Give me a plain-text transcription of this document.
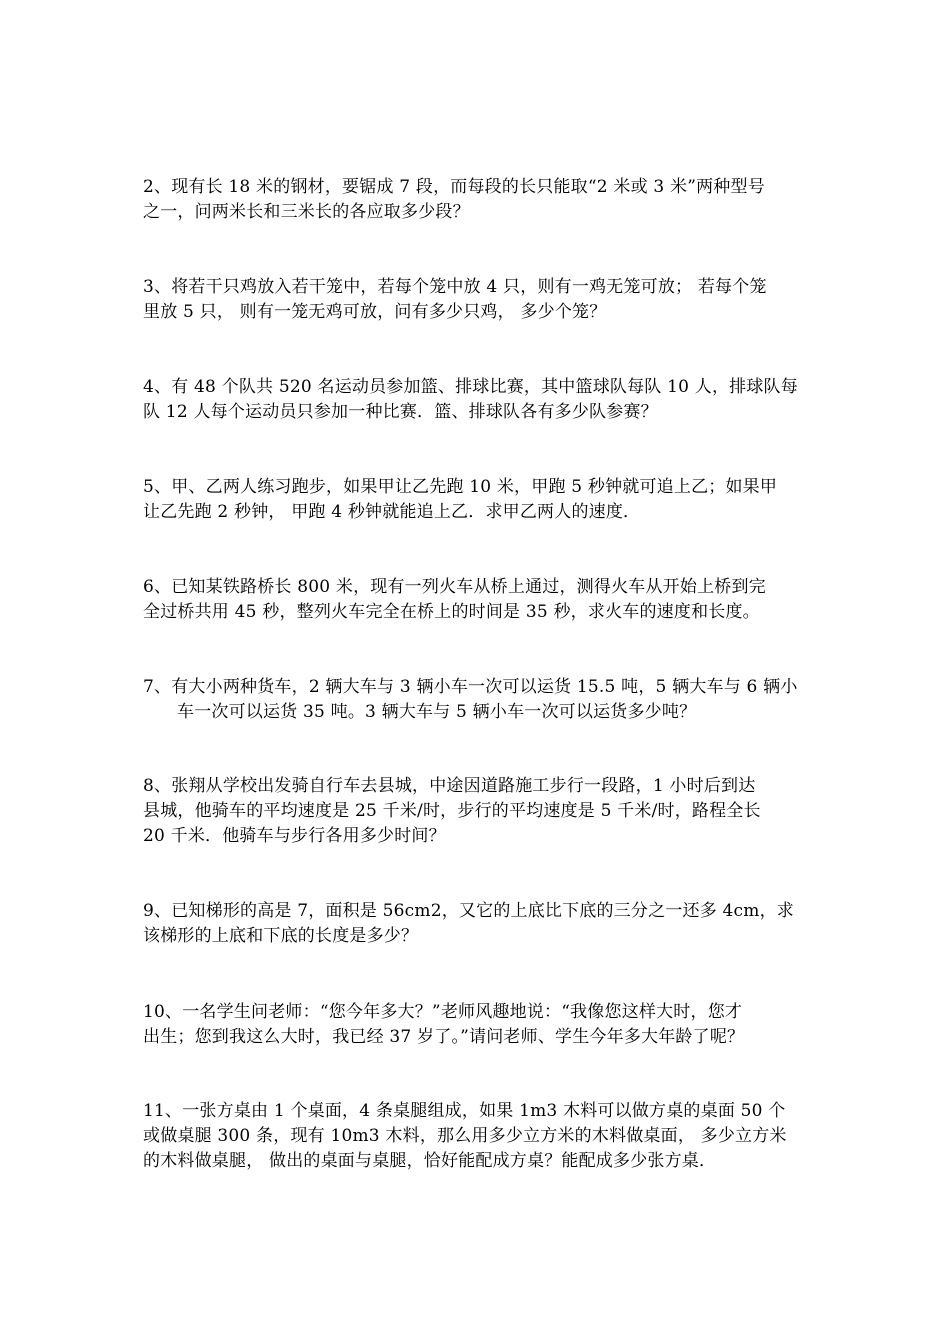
2、现有长 18 米的钢材，要锯成 7 段，而每段的长只能取“2 米或 3 米”两种型号
之一，问两米长和三米长的各应取多少段？
3、将若干只鸡放入若干笼中，若每个笼中放 4 只，则有一鸡无笼可放； 若每个笼
里放 5 只， 则有一笼无鸡可放，问有多少只鸡， 多少个笼？
4、有 48 个队共 520 名运动员参加篮、排球比赛，其中篮球队每队 10 人，排球队每
队 12 人每个运动员只参加一种比赛．篮、排球队各有多少队参赛？
5、甲、乙两人练习跑步，如果甲让乙先跑 10 米，甲跑 5 秒钟就可追上乙；如果甲
让乙先跑 2 秒钟， 甲跑 4 秒钟就能追上乙．求甲乙两人的速度．
6、已知某铁路桥长 800 米，现有一列火车从桥上通过，测得火车从开始上桥到完
全过桥共用 45 秒，整列火车完全在桥上的时间是 35 秒，求火车的速度和长度。
7、有大小两种货车，2 辆大车与 3 辆小车一次可以运货 15.5 吨，5 辆大车与 6 辆小
车一次可以运货 35 吨。3 辆大车与 5 辆小车一次可以运货多少吨？
8、张翔从学校出发骑自行车去县城，中途因道路施工步行一段路，1 小时后到达
县城，他骑车的平均速度是 25 千米/时，步行的平均速度是 5 千米/时，路程全长
20 千米．他骑车与步行各用多少时间？
9、已知梯形的高是 7，面积是 56cm2，又它的上底比下底的三分之一还多 4cm，求
该梯形的上底和下底的长度是多少？
10、一名学生问老师：“您今年多大？”老师风趣地说：“我像您这样大时，您才
出生；您到我这么大时，我已经 37 岁了。”请问老师、学生今年多大年龄了呢？
11、一张方桌由 1 个桌面，4 条桌腿组成，如果 1m3 木料可以做方桌的桌面 50 个
或做桌腿 300 条，现有 10m3 木料，那么用多少立方米的木料做桌面， 多少立方米
的木料做桌腿， 做出的桌面与桌腿，恰好能配成方桌？能配成多少张方桌．
